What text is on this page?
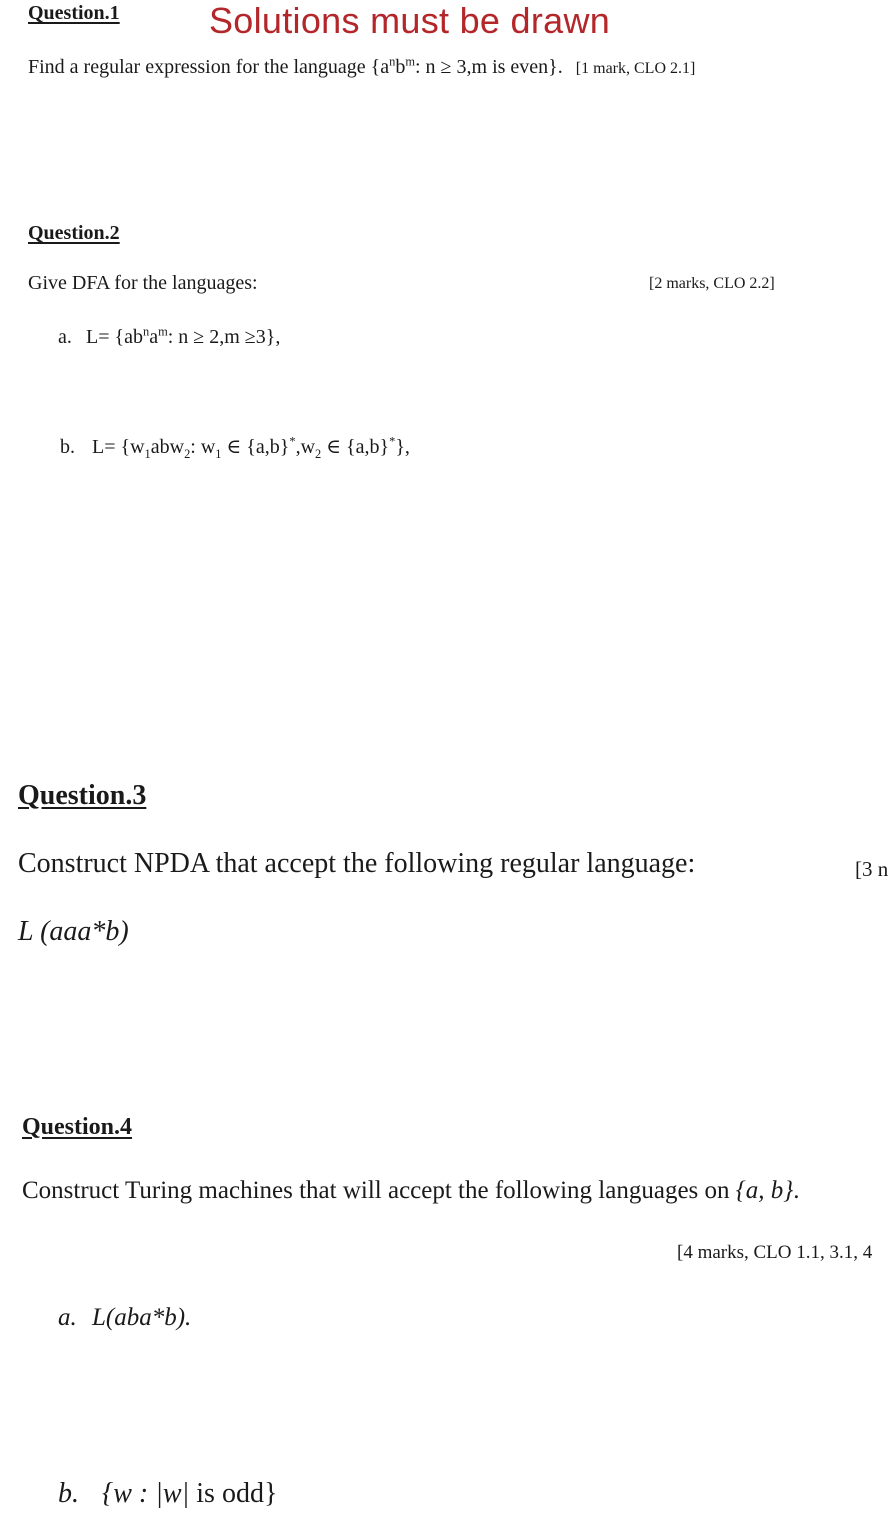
Solutions must be drawn
Question.1
Find a regular expression for the language {$a^nb^m$: n ≥ 3,m is even}. [1 mark, CLO 2.1]
Question.2
Give DFA for the languages:	[2 marks, CLO 2.2]
a. $L= \{ab^na^m$: n ≥ 2,m ≥3},
b. $L= \{w_1abw_2$: $w_1$ ∈ $\{a,b\}^*,w_2$ ∈ {a,b}*},
Question.3
Construct NPDA that accept the following regular language:	[3 n
L (aaa*b)
Question.4
Construct Turing machines that will accept the following languages on {a, b}.
[4 marks, CLO 1.1, 3.1, 4
a. L(aba*b).
b. {w : |w| is odd}
